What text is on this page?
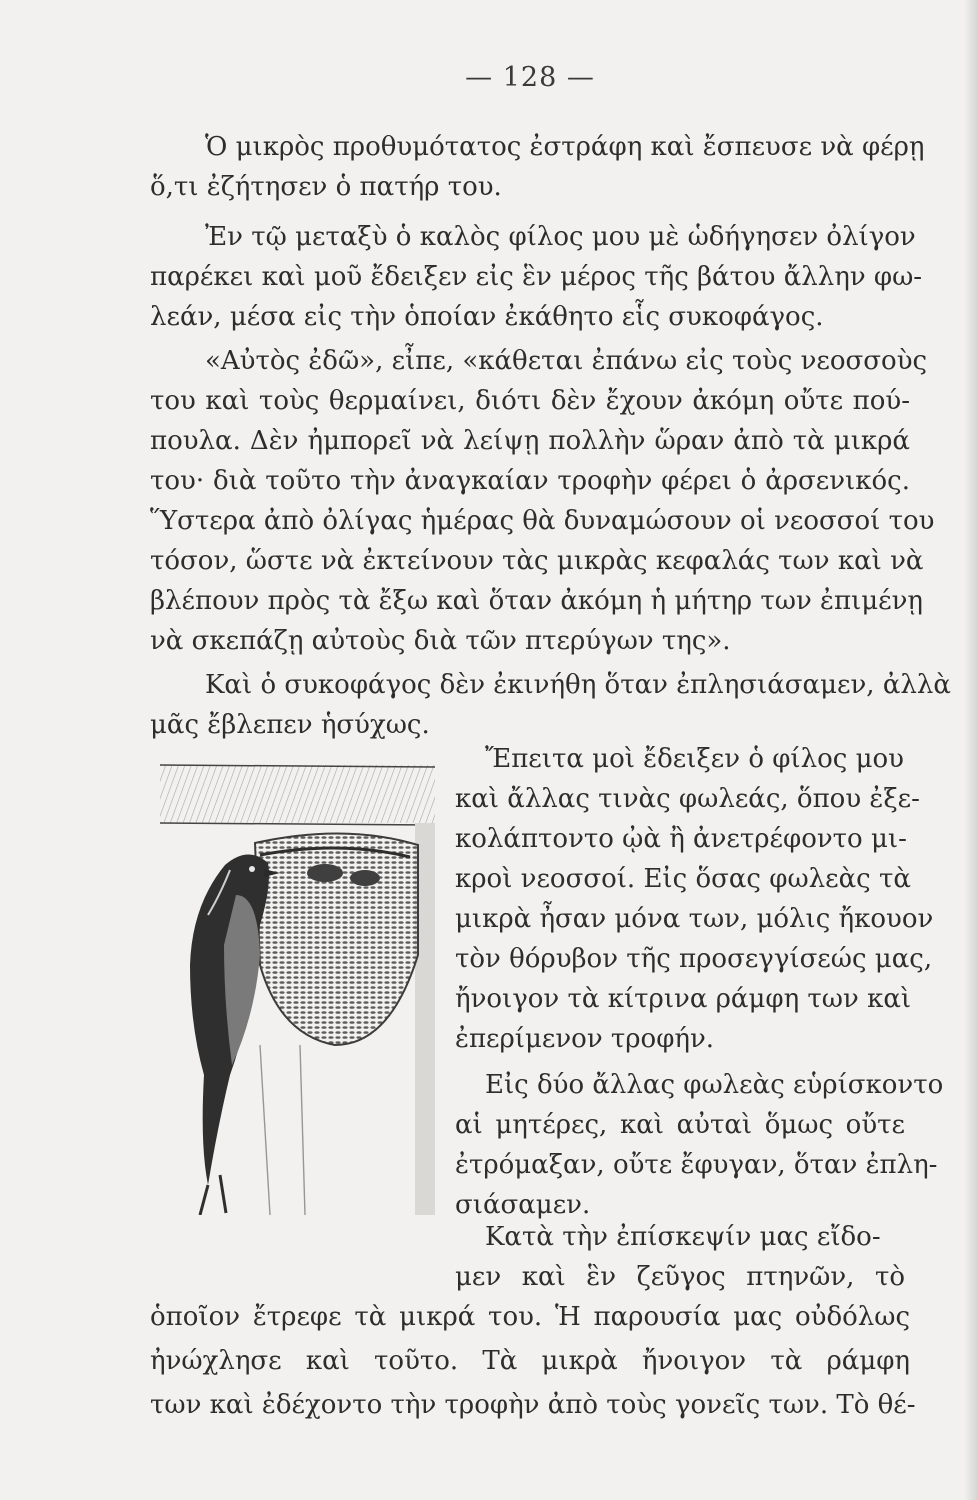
— 128 —
Ὁ μικρὸς προθυμότατος ἐστράφη καὶ ἔσπευσε νὰ φέρῃ
ὅ,τι ἐζήτησεν ὁ πατήρ του.
Ἐν τῷ μεταξὺ ὁ καλὸς φίλος μου μὲ ὡδήγησεν ὀλίγον
παρέκει καὶ μοῦ ἔδειξεν εἰς ἓν μέρος τῆς βάτου ἄλλην φω-
λεάν, μέσα εἰς τὴν ὁποίαν ἐκάθητο εἷς συκοφάγος.
«Αὐτὸς ἐδῶ», εἶπε, «κάθεται ἐπάνω εἰς τοὺς νεοσσοὺς
του καὶ τοὺς θερμαίνει, διότι δὲν ἔχουν ἀκόμη οὔτε πού-
πουλα. Δὲν ἠμπορεῖ νὰ λείψῃ πολλὴν ὥραν ἀπὸ τὰ μικρά
του· διὰ τοῦτο τὴν ἀναγκαίαν τροφὴν φέρει ὁ ἀρσενικός.
Ὕστερα ἀπὸ ὀλίγας ἡμέρας θὰ δυναμώσουν οἱ νεοσσοί του
τόσον, ὥστε νὰ ἐκτείνουν τὰς μικρὰς κεφαλάς των καὶ νὰ
βλέπουν πρὸς τὰ ἔξω καὶ ὅταν ἀκόμη ἡ μήτηρ των ἐπιμένῃ
νὰ σκεπάζῃ αὐτοὺς διὰ τῶν πτερύγων της».
Καὶ ὁ συκοφάγος δὲν ἐκινήθη ὅταν ἐπλησιάσαμεν, ἀλλὰ
μᾶς ἔβλεπεν ἡσύχως.
Ἔπειτα μοὶ ἔδειξεν ὁ φίλος μου
καὶ ἄλλας τινὰς φωλεάς, ὅπου ἐξε-
κολάπτοντο ᾠὰ ἢ ἀνετρέφοντο μι-
κροὶ νεοσσοί. Εἰς ὅσας φωλεὰς τὰ
μικρὰ ἦσαν μόνα των, μόλις ἤκουον
τὸν θόρυβον τῆς προσεγγίσεώς μας,
ἤνοιγον τὰ κίτρινα ράμφη των καὶ
ἐπερίμενον τροφήν.
Εἰς δύο ἄλλας φωλεὰς εὑρίσκοντο
αἱ μητέρες, καὶ αὐταὶ ὅμως οὔτε
ἐτρόμαξαν, οὔτε ἔφυγαν, ὅταν ἐπλη-
σιάσαμεν.
Κατὰ τὴν ἐπίσκεψίν μας εἴδο-
μεν καὶ ἓν ζεῦγος πτηνῶν, τὸ
ὁποῖον ἔτρεφε τὰ μικρά του. Ἡ παρουσία μας οὐδόλως
ἠνώχλησε καὶ τοῦτο. Τὰ μικρὰ ἤνοιγον τὰ ράμφη
των καὶ ἐδέχοντο τὴν τροφὴν ἀπὸ τοὺς γονεῖς των. Τὸ θέ-
